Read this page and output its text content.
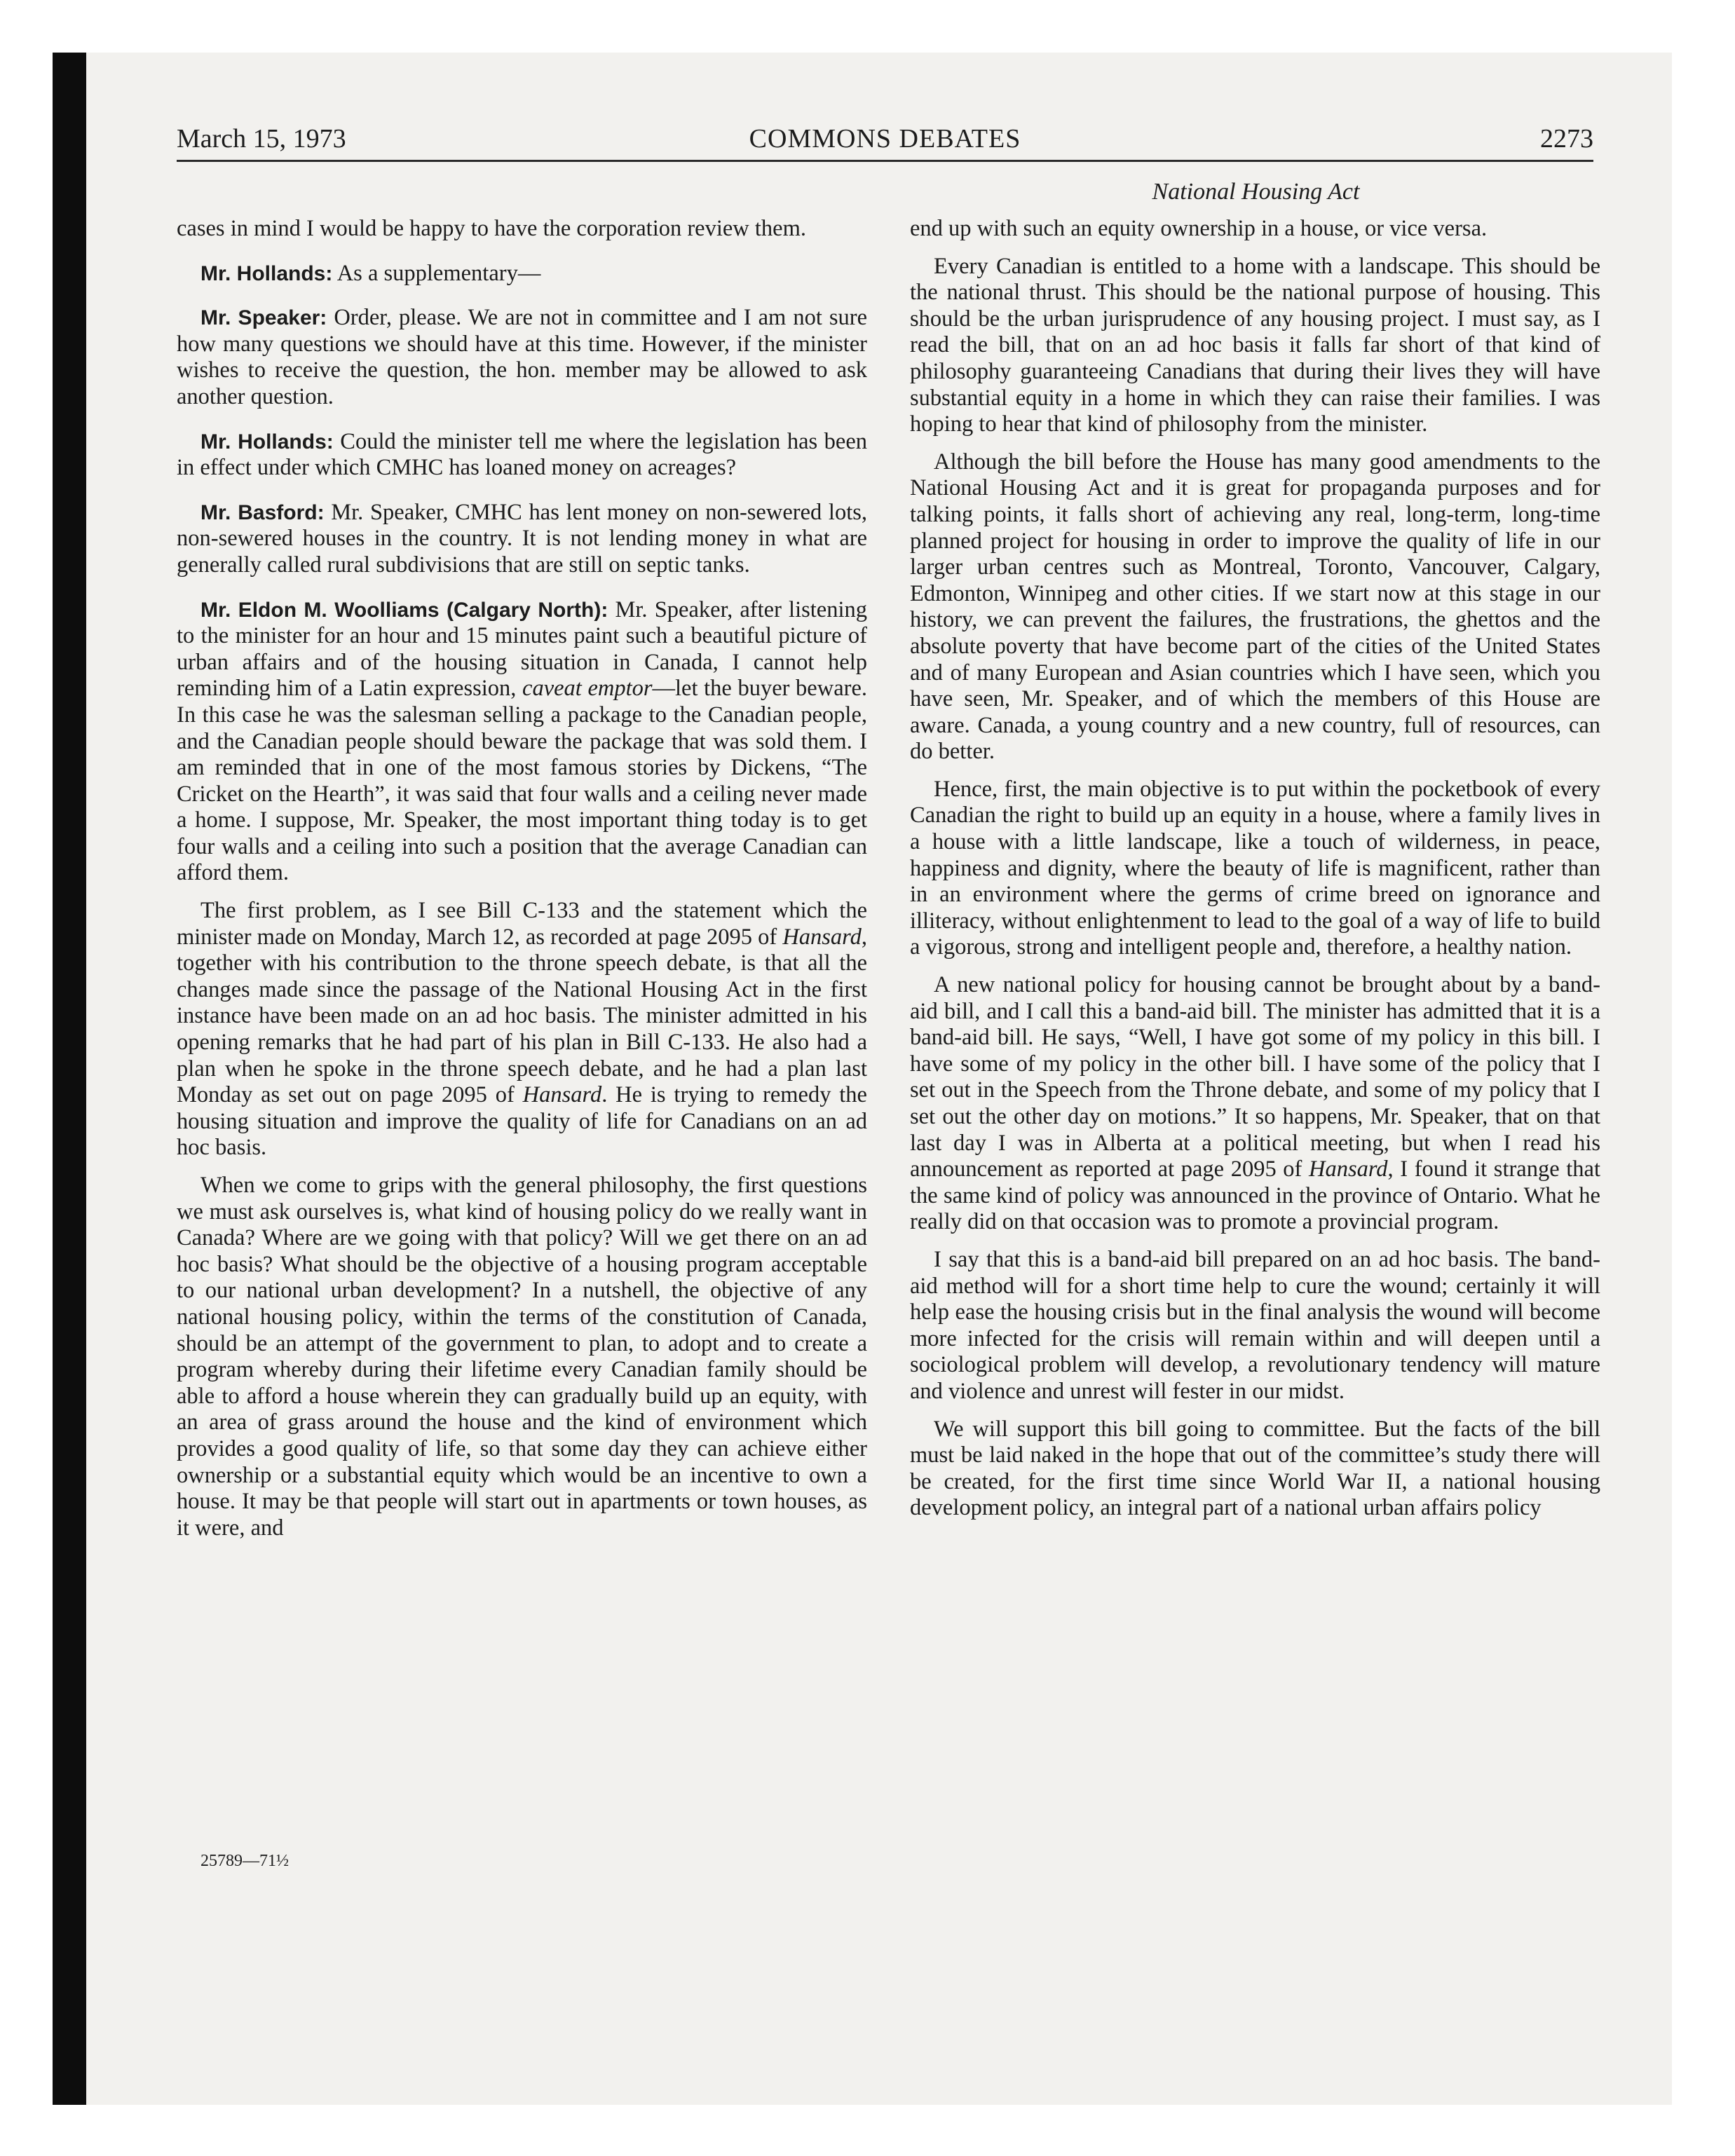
March 15, 1973	COMMONS DEBATES	2273
National Housing Act

cases in mind I would be happy to have the corporation review them.

Mr. Hollands: As a supplementary—

Mr. Speaker: Order, please. We are not in committee and I am not sure how many questions we should have at this time. However, if the minister wishes to receive the question, the hon. member may be allowed to ask another question.

Mr. Hollands: Could the minister tell me where the legislation has been in effect under which CMHC has loaned money on acreages?

Mr. Basford: Mr. Speaker, CMHC has lent money on non-sewered lots, non-sewered houses in the country. It is not lending money in what are generally called rural subdivisions that are still on septic tanks.

Mr. Eldon M. Woolliams (Calgary North): Mr. Speaker, after listening to the minister for an hour and 15 minutes paint such a beautiful picture of urban affairs and of the housing situation in Canada, I cannot help reminding him of a Latin expression, caveat emptor—let the buyer beware. In this case he was the salesman selling a package to the Canadian people, and the Canadian people should beware the package that was sold them. I am reminded that in one of the most famous stories by Dickens, “The Cricket on the Hearth”, it was said that four walls and a ceiling never made a home. I suppose, Mr. Speaker, the most important thing today is to get four walls and a ceiling into such a position that the average Canadian can afford them.

The first problem, as I see Bill C-133 and the statement which the minister made on Monday, March 12, as recorded at page 2095 of Hansard, together with his contribution to the throne speech debate, is that all the changes made since the passage of the National Housing Act in the first instance have been made on an ad hoc basis. The minister admitted in his opening remarks that he had part of his plan in Bill C-133. He also had a plan when he spoke in the throne speech debate, and he had a plan last Monday as set out on page 2095 of Hansard. He is trying to remedy the housing situation and improve the quality of life for Canadians on an ad hoc basis.

When we come to grips with the general philosophy, the first questions we must ask ourselves is, what kind of housing policy do we really want in Canada? Where are we going with that policy? Will we get there on an ad hoc basis? What should be the objective of a housing program acceptable to our national urban development? In a nutshell, the objective of any national housing policy, within the terms of the constitution of Canada, should be an attempt of the government to plan, to adopt and to create a program whereby during their lifetime every Canadian family should be able to afford a house wherein they can gradually build up an equity, with an area of grass around the house and the kind of environment which provides a good quality of life, so that some day they can achieve either ownership or a substantial equity which would be an incentive to own a house. It may be that people will start out in apartments or town houses, as it were, and

25789—71½

end up with such an equity ownership in a house, or vice versa.

Every Canadian is entitled to a home with a landscape. This should be the national thrust. This should be the national purpose of housing. This should be the urban jurisprudence of any housing project. I must say, as I read the bill, that on an ad hoc basis it falls far short of that kind of philosophy guaranteeing Canadians that during their lives they will have substantial equity in a home in which they can raise their families. I was hoping to hear that kind of philosophy from the minister.

Although the bill before the House has many good amendments to the National Housing Act and it is great for propaganda purposes and for talking points, it falls short of achieving any real, long-term, long-time planned project for housing in order to improve the quality of life in our larger urban centres such as Montreal, Toronto, Vancouver, Calgary, Edmonton, Winnipeg and other cities. If we start now at this stage in our history, we can prevent the failures, the frustrations, the ghettos and the absolute poverty that have become part of the cities of the United States and of many European and Asian countries which I have seen, which you have seen, Mr. Speaker, and of which the members of this House are aware. Canada, a young country and a new country, full of resources, can do better.

Hence, first, the main objective is to put within the pocketbook of every Canadian the right to build up an equity in a house, where a family lives in a house with a little landscape, like a touch of wilderness, in peace, happiness and dignity, where the beauty of life is magnificent, rather than in an environment where the germs of crime breed on ignorance and illiteracy, without enlightenment to lead to the goal of a way of life to build a vigorous, strong and intelligent people and, therefore, a healthy nation.

A new national policy for housing cannot be brought about by a band-aid bill, and I call this a band-aid bill. The minister has admitted that it is a band-aid bill. He says, “Well, I have got some of my policy in this bill. I have some of my policy in the other bill. I have some of the policy that I set out in the Speech from the Throne debate, and some of my policy that I set out the other day on motions.” It so happens, Mr. Speaker, that on that last day I was in Alberta at a political meeting, but when I read his announcement as reported at page 2095 of Hansard, I found it strange that the same kind of policy was announced in the province of Ontario. What he really did on that occasion was to promote a provincial program.

I say that this is a band-aid bill prepared on an ad hoc basis. The band-aid method will for a short time help to cure the wound; certainly it will help ease the housing crisis but in the final analysis the wound will become more infected for the crisis will remain within and will deepen until a sociological problem will develop, a revolutionary tendency will mature and violence and unrest will fester in our midst.

We will support this bill going to committee. But the facts of the bill must be laid naked in the hope that out of the committee’s study there will be created, for the first time since World War II, a national housing development policy, an integral part of a national urban affairs policy
